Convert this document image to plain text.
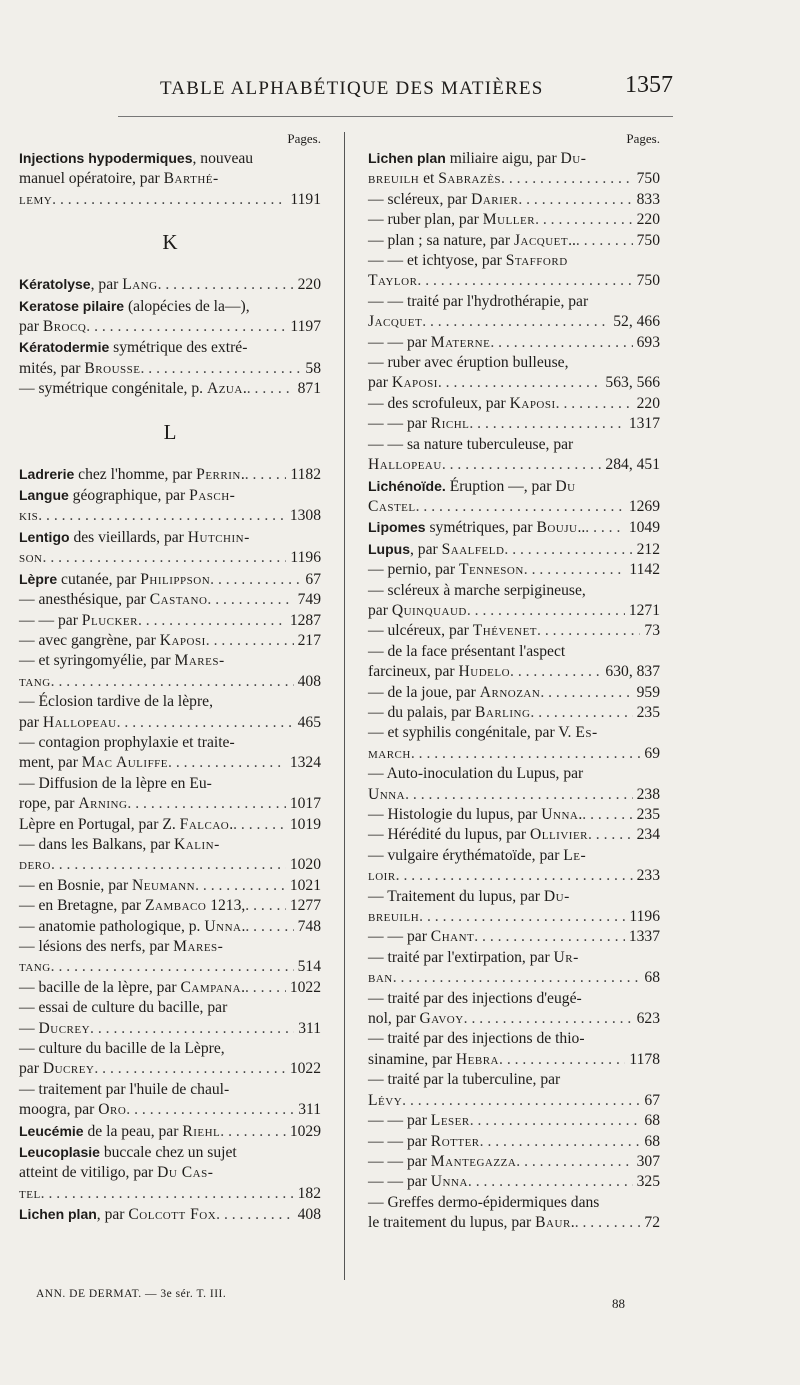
TABLE ALPHABÉTIQUE DES MATIÈRES	1357
Pages.
Injections hypodermiques, nouveau
manuel opératoire, par Barthé-
lemy . . .	1191
K
Kératolyse, par Lang . . .	220
Keratose pilaire (alopécies de la—),
par Brocq . . .	1197
Kératodermie symétrique des extré-
mités, par Brousse . . .	58
— symétrique congénitale, p. Azua. . . .	871
L
Ladrerie chez l'homme, par Perrin. . . .	1182
Langue géographique, par Pasch-
kis . . .	1308
Lentigo des vieillards, par Hutchin-
son . . .	1196
Lèpre cutanée, par Philippson . . .	67
— anesthésique, par Castano . . .	749
— — par Plucker . . .	1287
— avec gangrène, par Kaposi . . .	217
— et syringomyélie, par Mares-
tang . . .	408
— Éclosion tardive de la lèpre,
par Hallopeau . . .	465
— contagion prophylaxie et traite-
ment, par Mac Auliffe . . .	1324
— Diffusion de la lèpre en Eu-
rope, par Arning . . .	1017
Lèpre en Portugal, par Z. Falcao. . . .	1019
— dans les Balkans, par Kalin-
dero . . .	1020
— en Bosnie, par Neumann . . .	1021
— en Bretagne, par Zambaco 1213, . . .	1277
— anatomie pathologique, p. Unna. . . .	748
— lésions des nerfs, par Mares-
tang . . .	514
— bacille de la lèpre, par Campana. . . .	1022
— essai de culture du bacille, par
— Ducrey . . .	311
— culture du bacille de la Lèpre,
par Ducrey . . .	1022
— traitement par l'huile de chaul-
moogra, par Oro . . .	311
Leucémie de la peau, par Riehl . . .	1029
Leucoplasie buccale chez un sujet
atteint de vitiligo, par Du Cas-
tel . . .	182
Lichen plan, par Colcott Fox . . .	408
Pages.
Lichen plan miliaire aigu, par Du-
breuilh et Sabrazès . . .	750
— scléreux, par Darier . . .	833
— ruber plan, par Muller . . .	220
— plan ; sa nature, par Jacquet.. . . .	750
— — et ichtyose, par Stafford
Taylor . . .	750
— — traité par l'hydrothérapie, par
Jacquet . . .	52, 466
— — par Materne . . .	693
— ruber avec éruption bulleuse,
par Kaposi . . .	563, 566
— des scrofuleux, par Kaposi . . .	220
— — par Richl . . .	1317
— — sa nature tuberculeuse, par
Hallopeau . . .	284, 451
Lichénoïde. Éruption —, par Du
Castel . . .	1269
Lipomes symétriques, par Bouju.. . . .	1049
Lupus, par Saalfeld . . .	212
— pernio, par Tenneson . . .	1142
— scléreux à marche serpigineuse,
par Quinquaud . . .	1271
— ulcéreux, par Thévenet . . .	73
— de la face présentant l'aspect
farcineux, par Hudelo . . .	630, 837
— de la joue, par Arnozan . . .	959
— du palais, par Barling . . .	235
— et syphilis congénitale, par V. Es-
march . . .	69
— Auto-inoculation du Lupus, par
Unna . . .	238
— Histologie du lupus, par Unna. . . .	235
— Hérédité du lupus, par Ollivier . . .	234
— vulgaire érythématoïde, par Le-
loir . . .	233
— Traitement du lupus, par Du-
breuilh . . .	1196
— — par Chant . . .	1337
— traité par l'extirpation, par Ur-
ban . . .	68
— traité par des injections d'eugé-
nol, par Gavoy . . .	623
— traité par des injections de thio-
sinamine, par Hebra . . .	1178
— traité par la tuberculine, par
Lévy . . .	67
— — par Leser . . .	68
— — par Rotter . . .	68
— — par Mantegazza . . .	307
— — par Unna . . .	325
— Greffes dermo-épidermiques dans
le traitement du lupus, par Baur. . . .	72
ANN. DE DERMAT. — 3e sér. T. III.
88
